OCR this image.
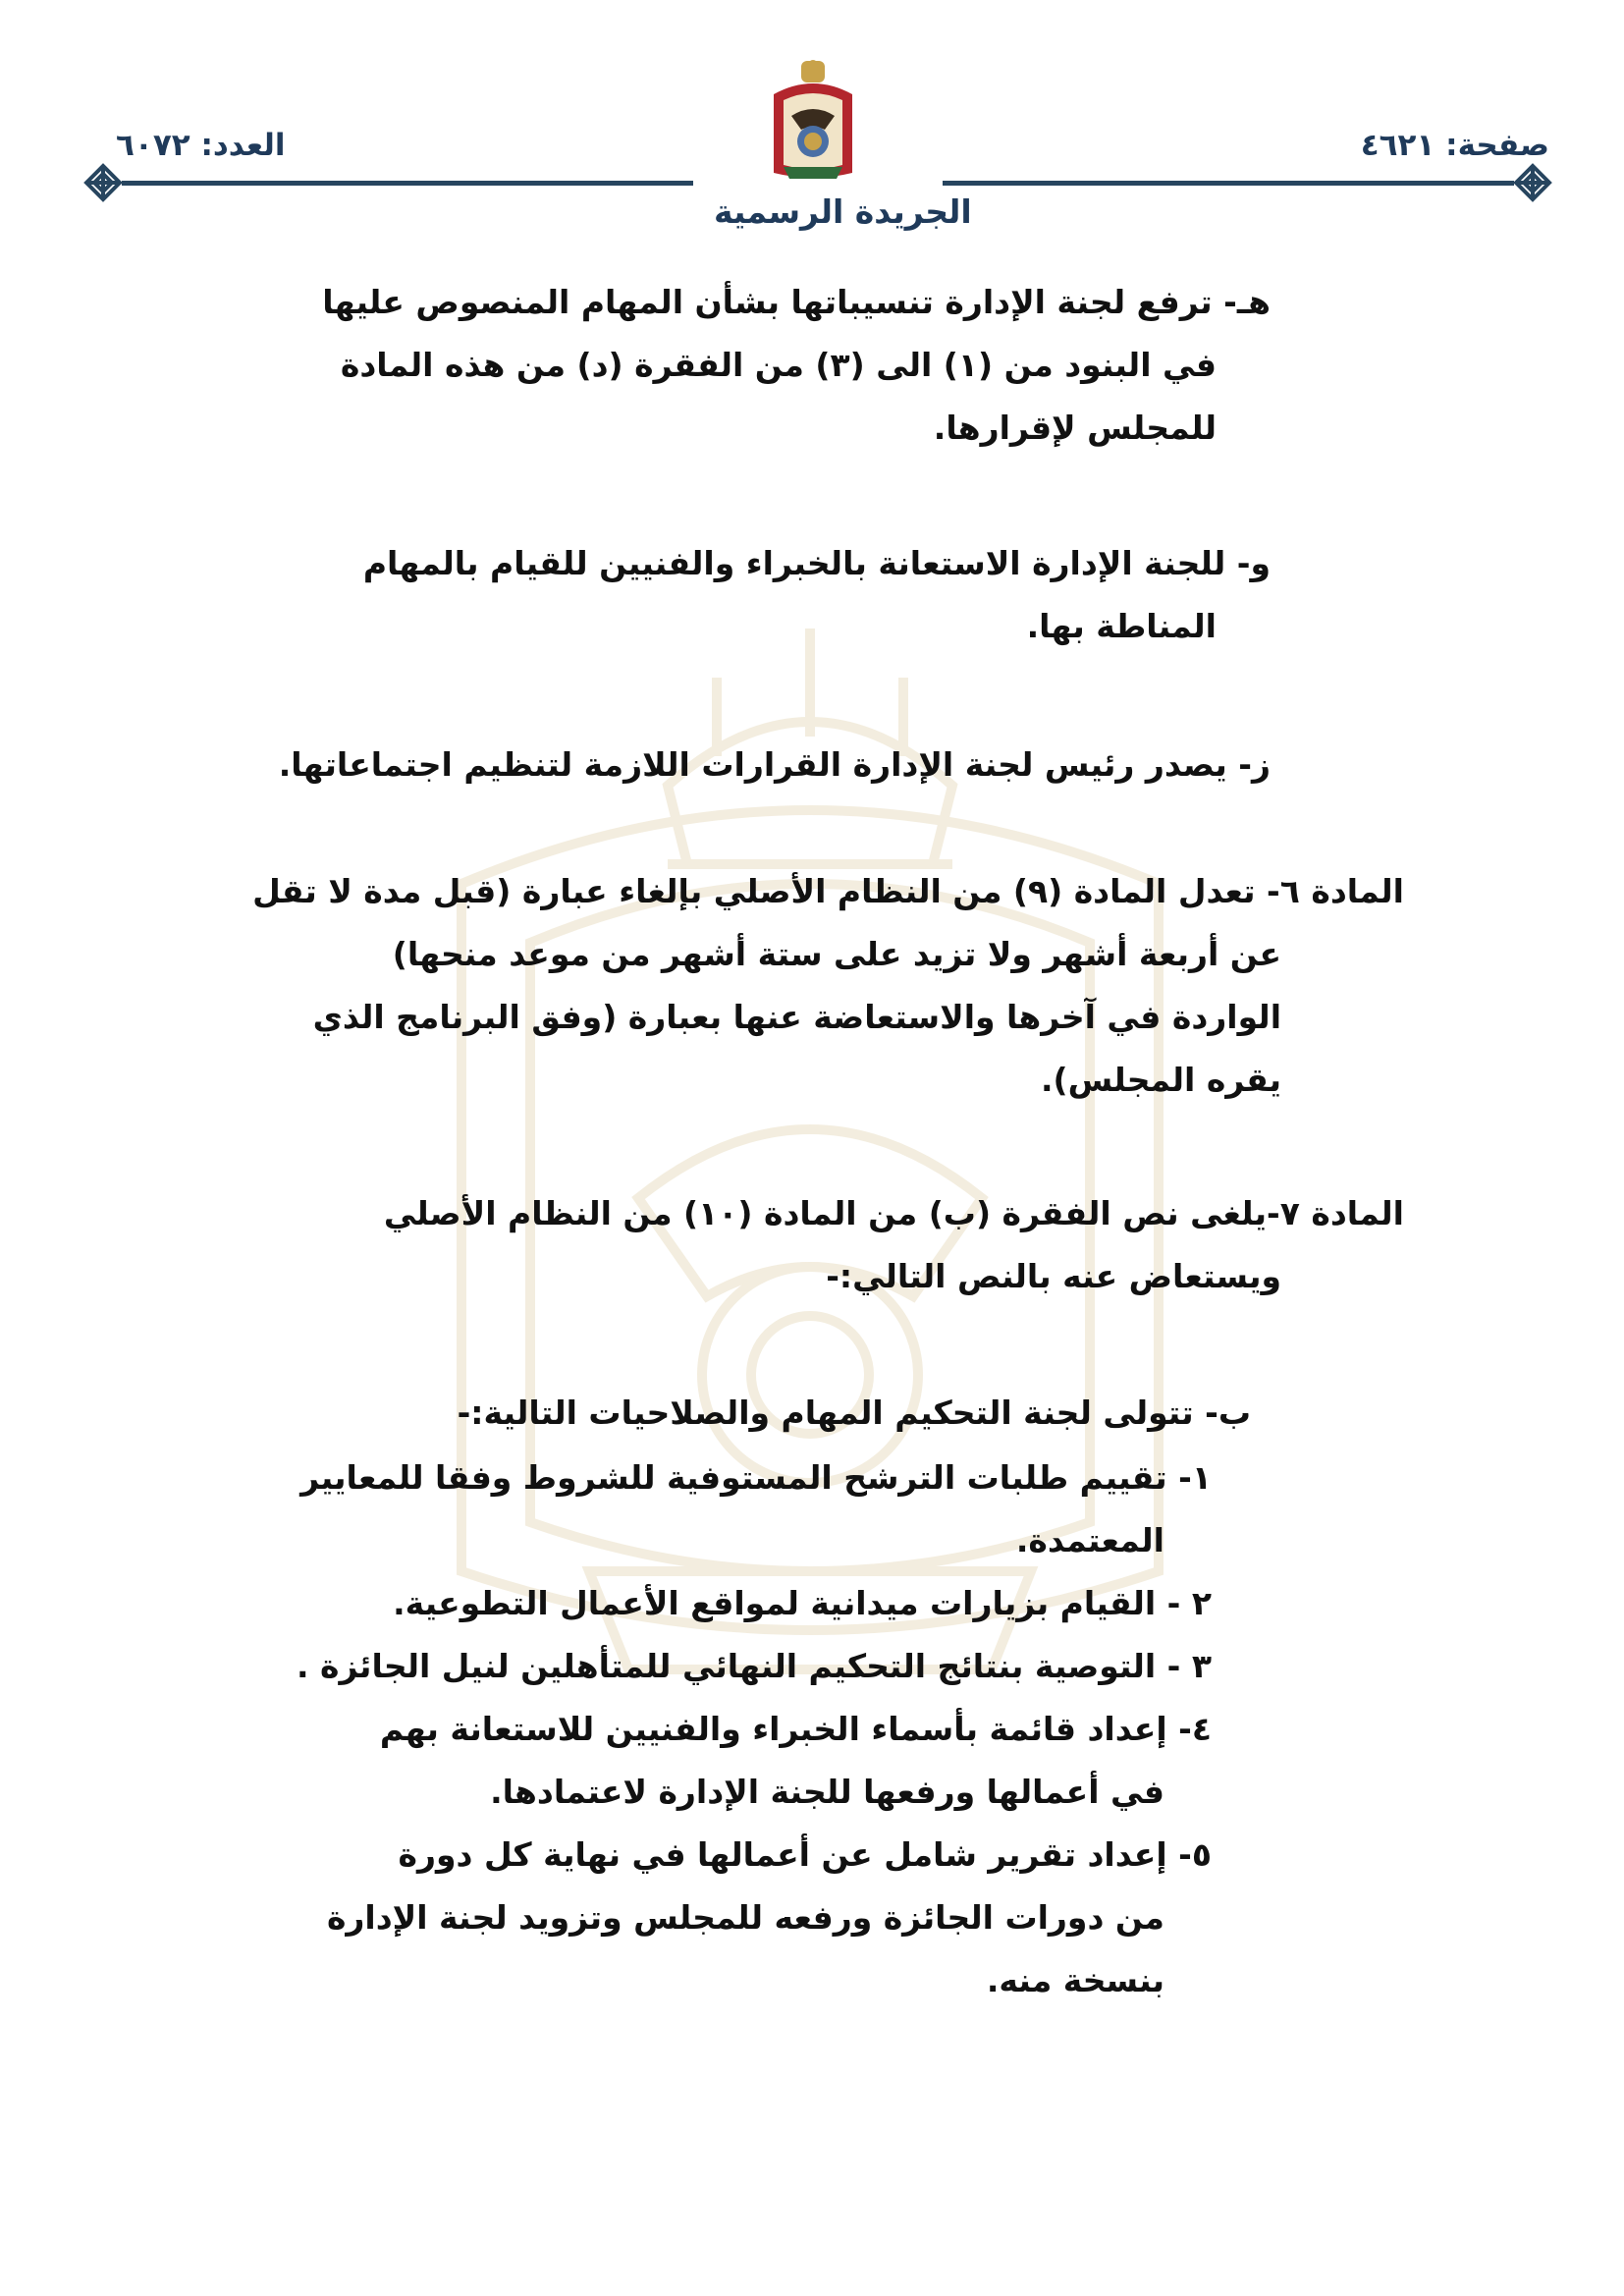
صفحة: ٤٦٢١
العدد: ٦٠٧٢
الجريدة الرسمية
هـ- ترفع لجنة الإدارة تنسيباتها بشأن المهام المنصوص عليها
في البنود من (١) الى (٣) من الفقرة (د) من هذه المادة
للمجلس لإقرارها.
و- للجنة الإدارة الاستعانة بالخبراء والفنيين للقيام بالمهام
المناطة بها.
ز- يصدر رئيس لجنة الإدارة القرارات اللازمة لتنظيم اجتماعاتها.
المادة ٦- تعدل المادة (٩) من النظام الأصلي بإلغاء عبارة (قبل مدة لا تقل
عن أربعة أشهر ولا تزيد على ستة أشهر من موعد منحها)
الواردة في آخرها والاستعاضة عنها بعبارة (وفق البرنامج الذي
يقره المجلس).
المادة ٧-يلغى نص الفقرة (ب) من المادة (١٠) من النظام الأصلي
ويستعاض عنه بالنص التالي:-
ب- تتولى لجنة التحكيم المهام والصلاحيات التالية:-
١- تقييم طلبات الترشح المستوفية للشروط وفقا للمعايير
المعتمدة.
٢ - القيام بزيارات ميدانية لمواقع الأعمال التطوعية.
٣ - التوصية بنتائج التحكيم النهائي للمتأهلين لنيل الجائزة .
٤- إعداد قائمة بأسماء الخبراء والفنيين للاستعانة بهم
في أعمالها ورفعها للجنة الإدارة لاعتمادها.
٥- إعداد تقرير شامل عن أعمالها في نهاية كل دورة
من دورات الجائزة ورفعه للمجلس وتزويد لجنة الإدارة
بنسخة منه.
